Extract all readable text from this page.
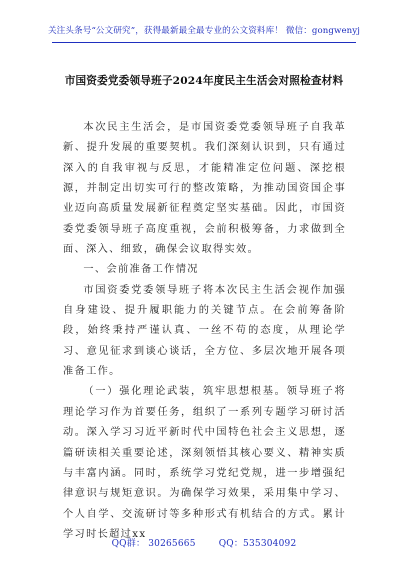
关注头条号“公文研究”，获得最新最全最专业的公文资料库！ 微信：gongwenyj
市国资委党委领导班子2024年度民主生活会对照检查材料

本次民主生活会，是市国资委党委领导班子自我革新、提升发展的重要契机。我们深刻认识到，只有通过深入的自我审视与反思，才能精准定位问题、深挖根源，并制定出切实可行的整改策略，为推动国资国企事业迈向高质量发展新征程奠定坚实基础。因此，市国资委党委领导班子高度重视，会前积极筹备，力求做到全面、深入、细致，确保会议取得实效。

一、会前准备工作情况

市国资委党委领导班子将本次民主生活会视作加强自身建设、提升履职能力的关键节点。在会前筹备阶段，始终秉持严谨认真、一丝不苟的态度，从理论学习、意见征求到谈心谈话，全方位、多层次地开展各项准备工作。

（一）强化理论武装，筑牢思想根基。领导班子将理论学习作为首要任务，组织了一系列专题学习研讨活动。深入学习习近平新时代中国特色社会主义思想，逐篇研读相关重要论述，深刻领悟其核心要义、精神实质与丰富内涵。同时，系统学习党纪党规，进一步增强纪律意识与规矩意识。为确保学习效果，采用集中学习、个人自学、交流研讨等多种形式有机结合的方式。累计学习时长超过xx

QQ群： 30265665	QQ：535304092
